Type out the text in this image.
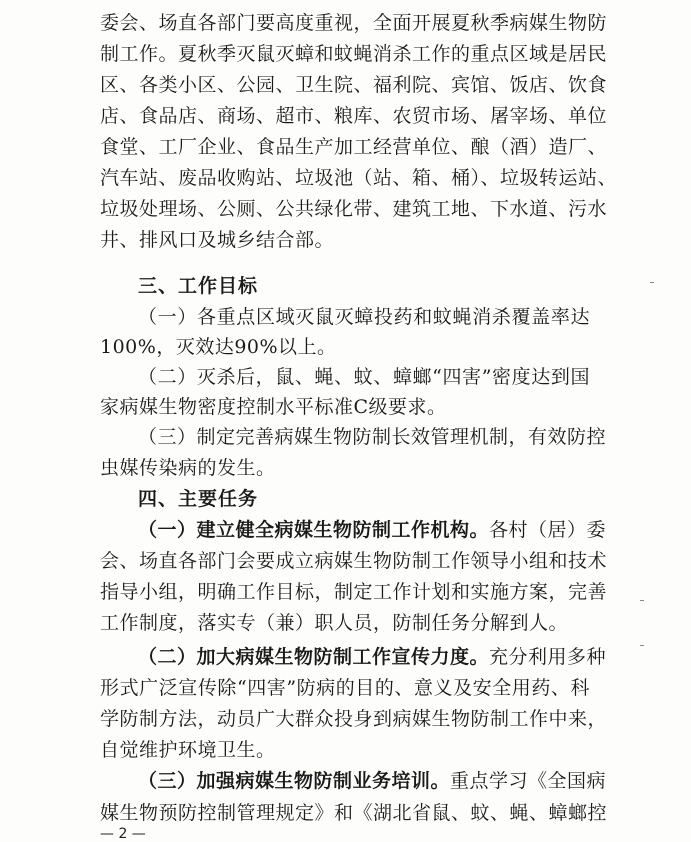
委会、场直各部门要高度重视，全面开展夏秋季病媒生物防
制工作。夏秋季灭鼠灭蟑和蚊蝇消杀工作的重点区域是居民
区、各类小区、公园、卫生院、福利院、宾馆、饭店、饮食
店、食品店、商场、超市、粮库、农贸市场、屠宰场、单位
食堂、工厂企业、食品生产加工经营单位、酿（酒）造厂、
汽车站、废品收购站、垃圾池（站、箱、桶）、垃圾转运站、
垃圾处理场、公厕、公共绿化带、建筑工地、下水道、污水
井、排风口及城乡结合部。
三、工作目标
（一）各重点区域灭鼠灭蟑投药和蚊蝇消杀覆盖率达
100%，灭效达90%以上。
（二）灭杀后，鼠、蝇、蚊、蟑螂“四害”密度达到国
家病媒生物密度控制水平标准C级要求。
（三）制定完善病媒生物防制长效管理机制，有效防控
虫媒传染病的发生。
四、主要任务
（一）建立健全病媒生物防制工作机构。各村（居）委
会、场直各部门会要成立病媒生物防制工作领导小组和技术
指导小组，明确工作目标，制定工作计划和实施方案，完善
工作制度，落实专（兼）职人员，防制任务分解到人。
（二）加大病媒生物防制工作宣传力度。充分利用多种
形式广泛宣传除“四害”防病的目的、意义及安全用药、科
学防制方法，动员广大群众投身到病媒生物防制工作中来，
自觉维护环境卫生。
— 2 —
（三）加强病媒生物防制业务培训。重点学习《全国病
媒生物预防控制管理规定》和《湖北省鼠、蚊、蝇、蟑螂控
